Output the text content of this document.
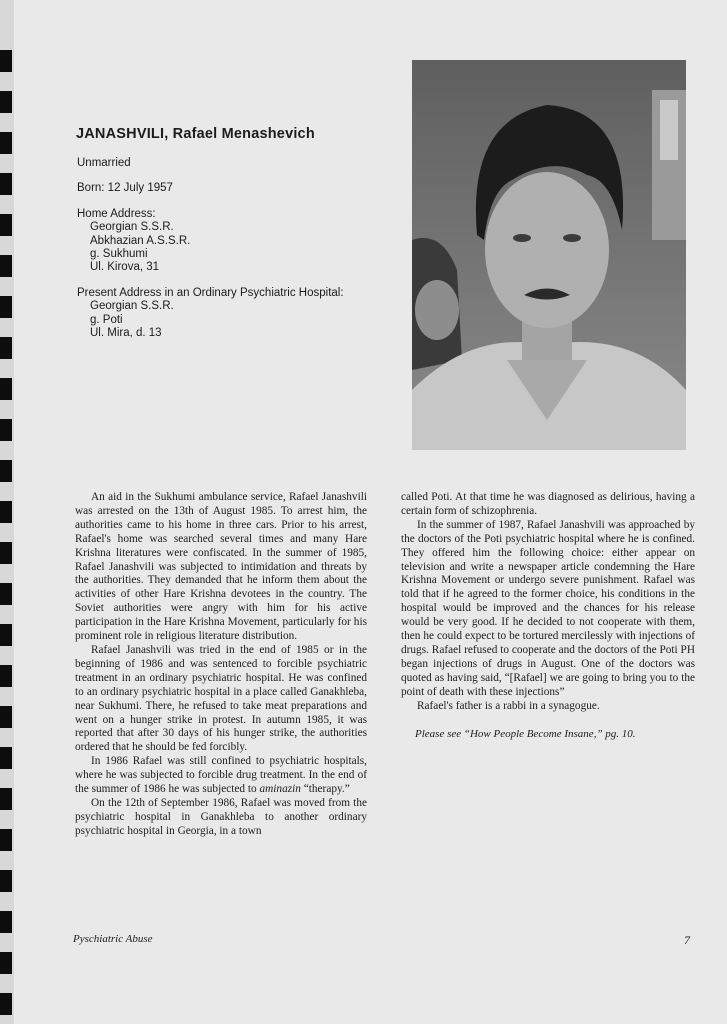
JANASHVILI, Rafael Menashevich

Unmarried

Born: 12 July 1957

Home Address:
Georgian S.S.R.
Abkhazian A.S.S.R.
g. Sukhumi
Ul. Kirova, 31

Present Address in an Ordinary Psychiatric Hospital:
Georgian S.S.R.
g. Poti
Ul. Mira, d. 13

An aid in the Sukhumi ambulance service, Rafael Janashvili was arrested on the 13th of August 1985. To arrest him, the authorities came to his home in three cars. Prior to his arrest, Rafael's home was searched several times and many Hare Krishna literatures were confiscated. In the summer of 1985, Rafael Janashvili was subjected to intimidation and threats by the authorities. They demanded that he inform them about the activities of other Hare Krishna devotees in the country. The Soviet authorities were angry with him for his active participation in the Hare Krishna Movement, particularly for his prominent role in religious literature distribution.

Rafael Janashvili was tried in the end of 1985 or in the beginning of 1986 and was sentenced to forcible psychiatric treatment in an ordinary psychiatric hospital. He was confined to an ordinary psychiatric hospital in a place called Ganakhleba, near Sukhumi. There, he refused to take meat preparations and went on a hunger strike in protest. In autumn 1985, it was reported that after 30 days of his hunger strike, the authorities ordered that he should be fed forcibly.

In 1986 Rafael was still confined to psychiatric hospitals, where he was subjected to forcible drug treatment. In the end of the summer of 1986 he was subjected to aminazin “therapy.”

On the 12th of September 1986, Rafael was moved from the psychiatric hospital in Ganakhleba to another ordinary psychiatric hospital in Georgia, in a town

called Poti. At that time he was diagnosed as delirious, having a certain form of schizophrenia.

In the summer of 1987, Rafael Janashvili was approached by the doctors of the Poti psychiatric hospital where he is confined. They offered him the following choice: either appear on television and write a newspaper article condemning the Hare Krishna Movement or undergo severe punishment. Rafael was told that if he agreed to the former choice, his conditions in the hospital would be improved and the chances for his release would be very good. If he decided to not cooperate with them, then he could expect to be tortured mercilessly with injections of drugs. Rafael refused to cooperate and the doctors of the Poti PH began injections of drugs in August. One of the doctors was quoted as having said, “[Rafael] we are going to bring you to the point of death with these injections”

Rafael's father is a rabbi in a synagogue.

Please see “How People Become Insane,” pg. 10.

Pyschiatric Abuse	7
